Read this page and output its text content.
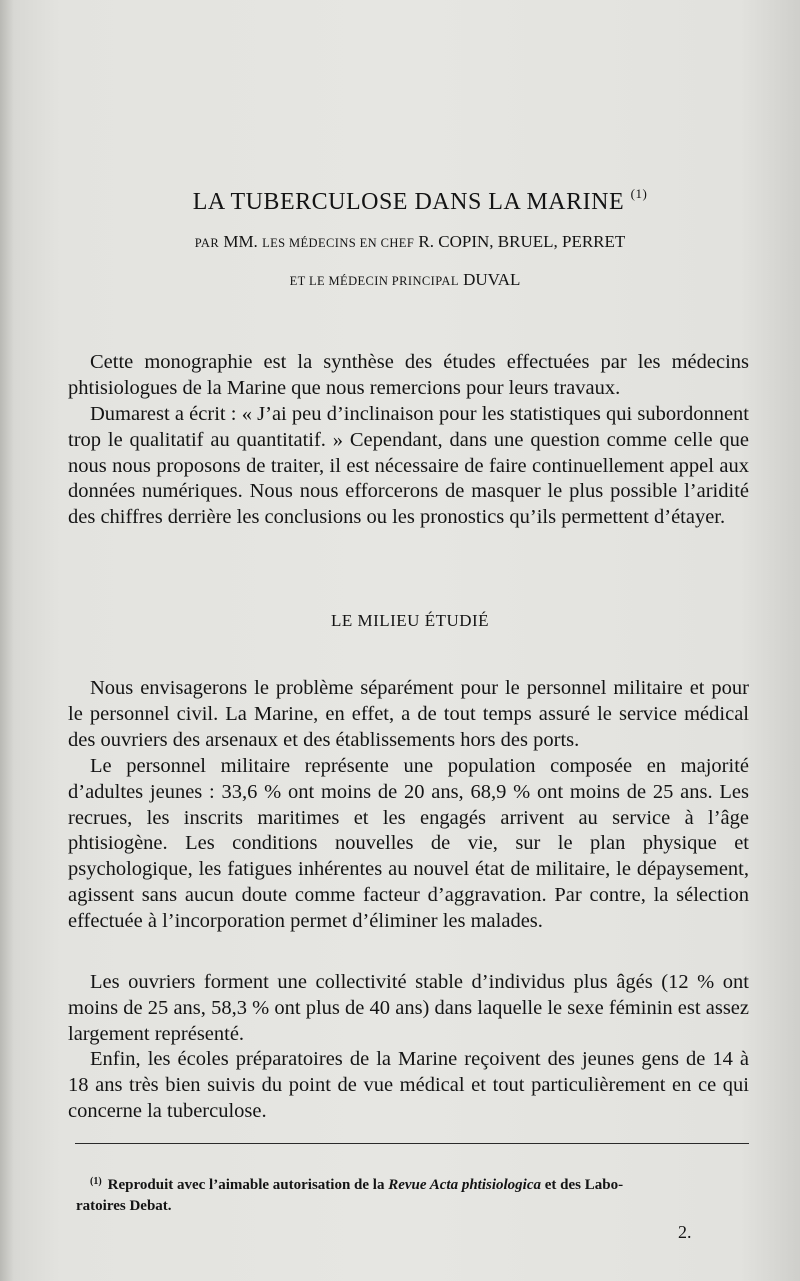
LA TUBERCULOSE DANS LA MARINE $^{(1)}$
PAR MM. LES MÉDECINS EN CHEF R. COPIN, BRUEL, PERRET
ET LE MÉDECIN PRINCIPAL DUVAL

Cette monographie est la synthèse des études effectuées par les médecins phtisiologues de la Marine que nous remercions pour leurs travaux.

Dumarest a écrit : « J’ai peu d’inclinaison pour les statistiques qui subordonnent trop le qualitatif au quantitatif. » Cependant, dans une question comme celle que nous nous proposons de traiter, il est nécessaire de faire continuellement appel aux données numériques. Nous nous efforcerons de masquer le plus possible l’aridité des chiffres derrière les conclusions ou les pronostics qu’ils permettent d’étayer.

LE MILIEU ÉTUDIÉ

Nous envisagerons le problème séparément pour le personnel militaire et pour le personnel civil. La Marine, en effet, a de tout temps assuré le service médical des ouvriers des arsenaux et des établissements hors des ports.

Le personnel militaire représente une population composée en majorité d’adultes jeunes : 33,6 % ont moins de 20 ans, 68,9 % ont moins de 25 ans. Les recrues, les inscrits maritimes et les engagés arrivent au service à l’âge phtisiogène. Les conditions nouvelles de vie, sur le plan physique et psychologique, les fatigues inhérentes au nouvel état de militaire, le dépaysement, agissent sans aucun doute comme facteur d’aggravation. Par contre, la sélection effectuée à l’incorporation permet d’éliminer les malades.

Les ouvriers forment une collectivité stable d’individus plus âgés (12 % ont moins de 25 ans, 58,3 % ont plus de 40 ans) dans laquelle le sexe féminin est assez largement représenté.

Enfin, les écoles préparatoires de la Marine reçoivent des jeunes gens de 14 à 18 ans très bien suivis du point de vue médical et tout particulièrement en ce qui concerne la tuberculose.

$^{(1)}$ Reproduit avec l’aimable autorisation de la Revue Acta phtisiologica et des Labo-
ratoires Debat.

2.
